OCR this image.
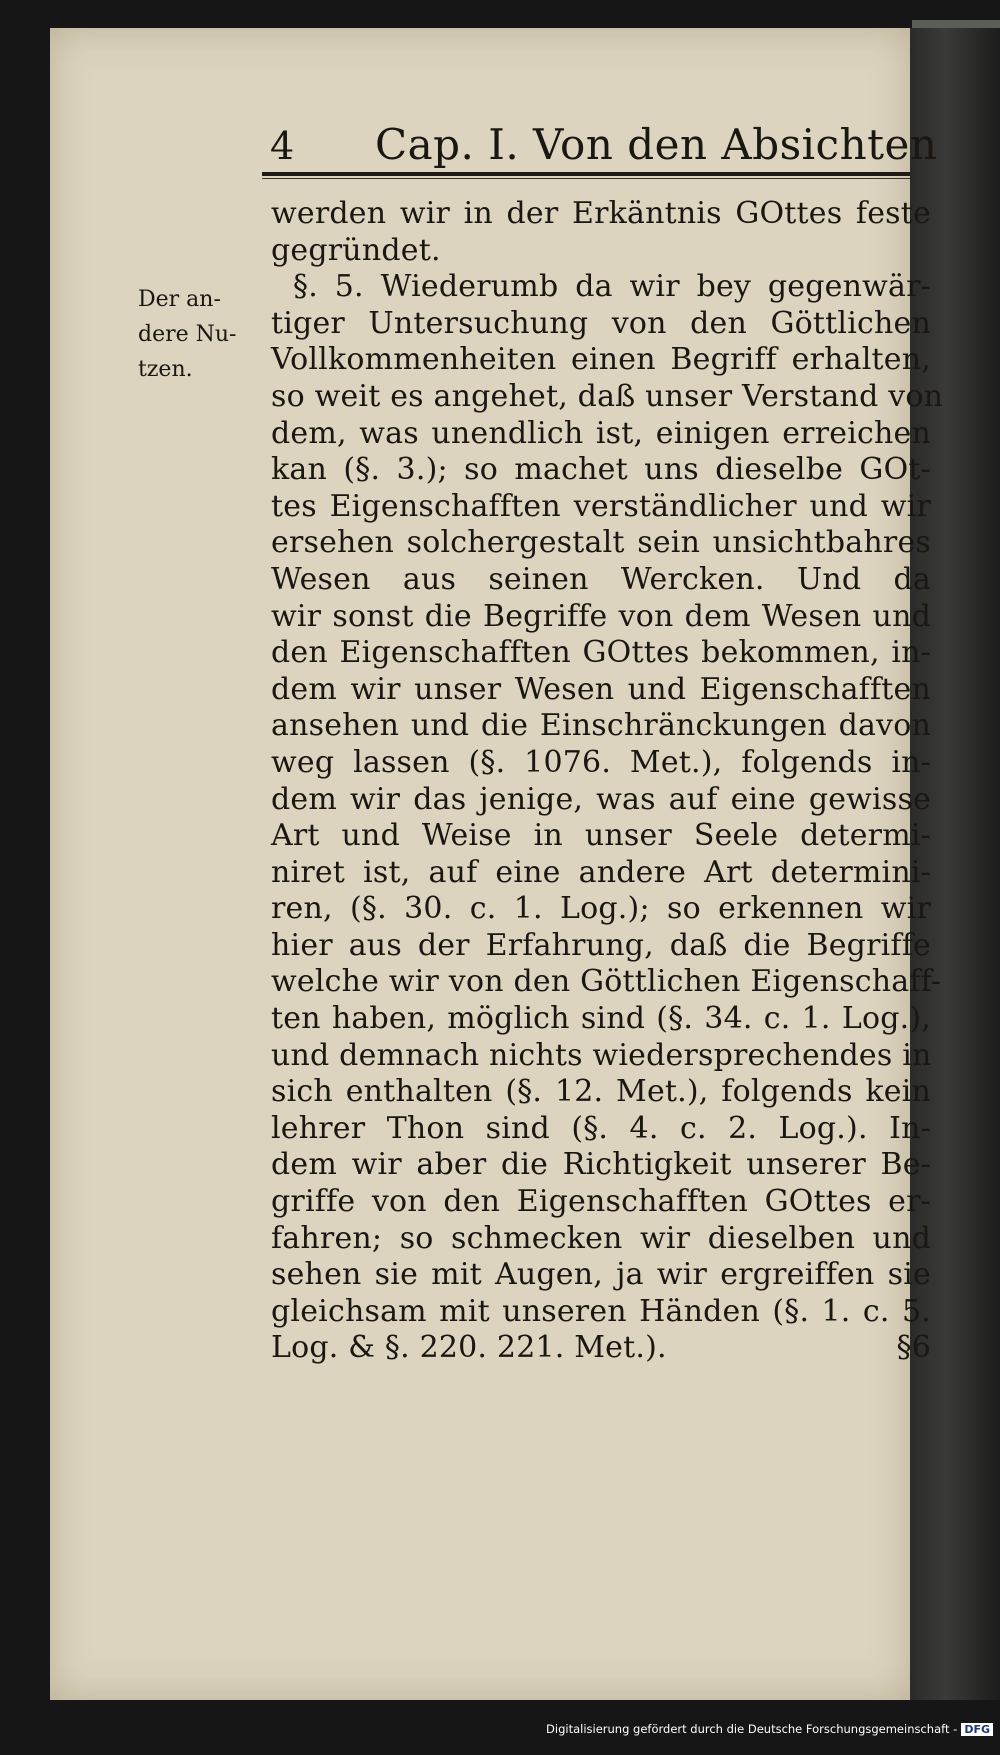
4 Cap. I. Von den Absichten
Der an-
dere Nu-
tzen.
werden wir in der Erkäntnis GOttes feste
gegründet.
§. 5. Wiederumb da wir bey gegenwär-
tiger Untersuchung von den Göttlichen
Vollkommenheiten einen Begriff erhalten,
so weit es angehet, daß unser Verstand von
dem, was unendlich ist, einigen erreichen
kan (§. 3.); so machet uns dieselbe GOt-
tes Eigenschafften verständlicher und wir
ersehen solchergestalt sein unsichtbahres
Wesen aus seinen Wercken. Und da
wir sonst die Begriffe von dem Wesen und
den Eigenschafften GOttes bekommen, in-
dem wir unser Wesen und Eigenschafften
ansehen und die Einschränckungen davon
weg lassen (§. 1076. Met.), folgends in-
dem wir das jenige, was auf eine gewisse
Art und Weise in unser Seele determi-
niret ist, auf eine andere Art determini-
ren, (§. 30. c. 1. Log.); so erkennen wir
hier aus der Erfahrung, daß die Begriffe
welche wir von den Göttlichen Eigenschaff-
ten haben, möglich sind (§. 34. c. 1. Log.),
und demnach nichts wiedersprechendes in
sich enthalten (§. 12. Met.), folgends kein
lehrer Thon sind (§. 4. c. 2. Log.). In-
dem wir aber die Richtigkeit unserer Be-
griffe von den Eigenschafften GOttes er-
fahren; so schmecken wir dieselben und
sehen sie mit Augen, ja wir ergreiffen sie
gleichsam mit unseren Händen (§. 1. c. 5.
Log. & §. 220. 221. Met.).	§6
Digitalisierung gefördert durch die Deutsche Forschungsgemeinschaft - DFG
